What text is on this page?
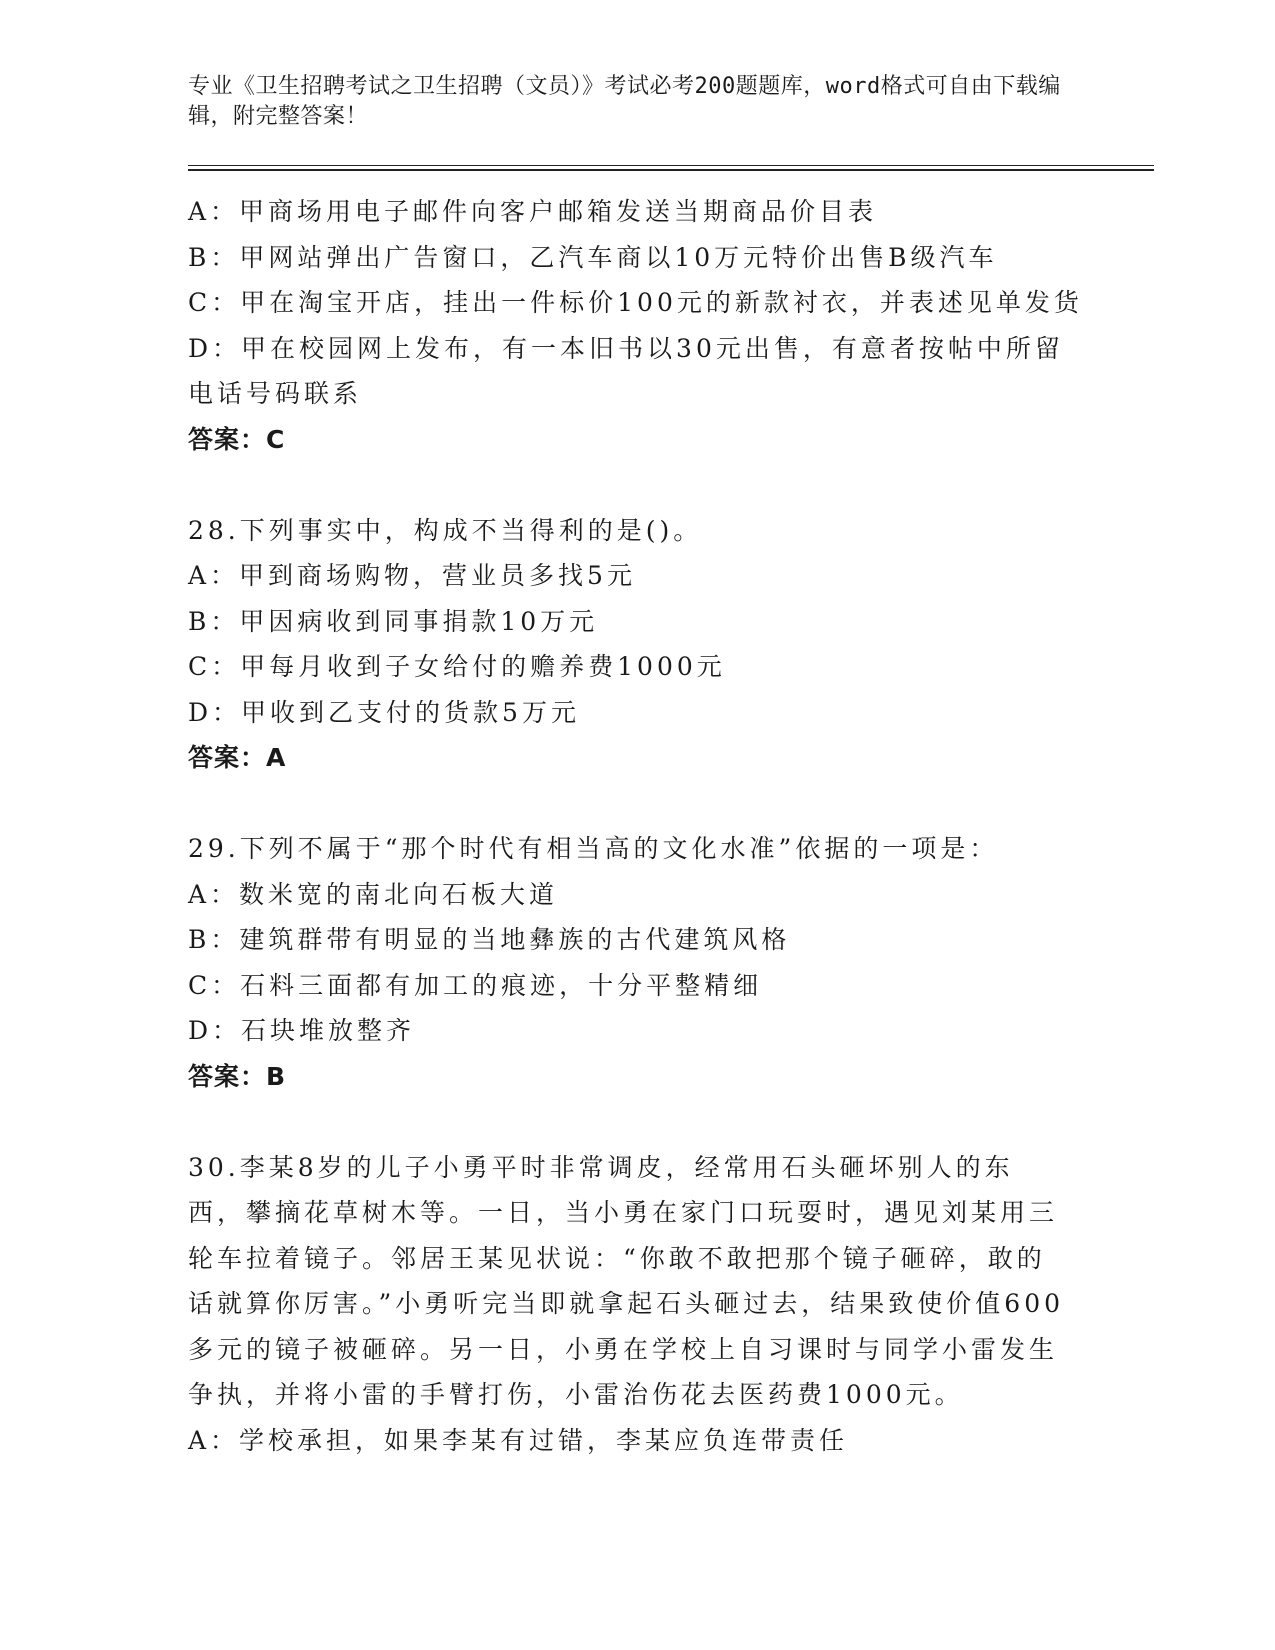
专业《卫生招聘考试之卫生招聘（文员）》考试必考200题题库，word格式可自由下载编辑，附完整答案！
A：甲商场用电子邮件向客户邮箱发送当期商品价目表
B：甲网站弹出广告窗口，乙汽车商以10万元特价出售B级汽车
C：甲在淘宝开店，挂出一件标价100元的新款衬衣，并表述见单发货
D：甲在校园网上发布，有一本旧书以30元出售，有意者按帖中所留
电话号码联系
答案：C
28.下列事实中，构成不当得利的是()。
A：甲到商场购物，营业员多找5元
B：甲因病收到同事捐款10万元
C：甲每月收到子女给付的赡养费1000元
D：甲收到乙支付的货款5万元
答案：A
29.下列不属于“那个时代有相当高的文化水准”依据的一项是：
A：数米宽的南北向石板大道
B：建筑群带有明显的当地彝族的古代建筑风格
C：石料三面都有加工的痕迹，十分平整精细
D：石块堆放整齐
答案：B
30.李某8岁的儿子小勇平时非常调皮，经常用石头砸坏别人的东西，攀摘花草树木等。一日，当小勇在家门口玩耍时，遇见刘某用三轮车拉着镜子。邻居王某见状说：“你敢不敢把那个镜子砸碎，敢的话就算你厉害。”小勇听完当即就拿起石头砸过去，结果致使价值600多元的镜子被砸碎。另一日，小勇在学校上自习课时与同学小雷发生争执，并将小雷的手臂打伤，小雷治伤花去医药费1000元。
A：学校承担，如果李某有过错，李某应负连带责任
